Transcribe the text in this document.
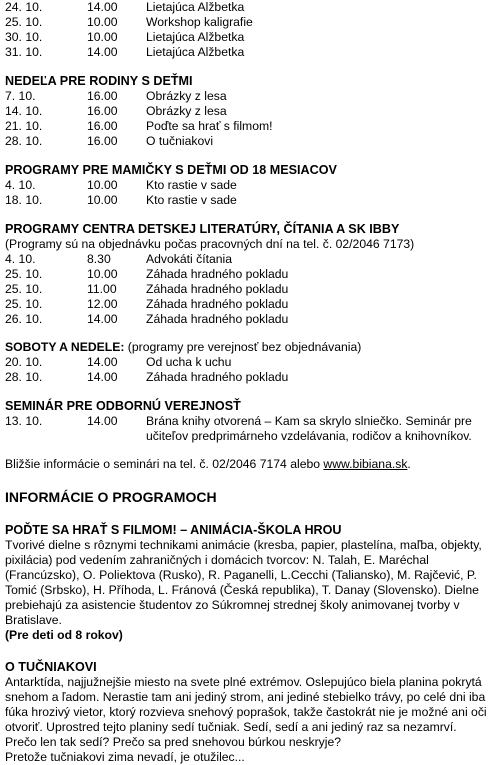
24. 10.	14.00 Lietajúca Alžbetka
25. 10.	10.00 Workshop kaligrafie
30. 10.	10.00 Lietajúca Alžbetka
31. 10.	14.00 Lietajúca Alžbetka
NEDEĽA PRE RODINY S DEŤMI
7. 10.	16.00 Obrázky z lesa
14. 10.	16.00 Obrázky z lesa
21. 10.	16.00 Poďte sa hrať s filmom!
28. 10.	16.00 O tučniakovi
PROGRAMY PRE MAMIČKY S DEŤMI OD 18 MESIACOV
4. 10.	10.00 Kto rastie v sade
18. 10.	10.00 Kto rastie v sade
PROGRAMY CENTRA DETSKEJ LITERATÚRY, ČÍTANIA A SK IBBY
(Programy sú na objednávku počas pracovných dní na tel. č. 02/2046 7173)
4. 10.	8.30	Advokáti čítania
25. 10.	10.00 Záhada hradného pokladu
25. 10.	11.00 Záhada hradného pokladu
25. 10.	12.00 Záhada hradného pokladu
26. 10.	14.00 Záhada hradného pokladu
SOBOTY A NEDELE: (programy pre verejnosť bez objednávania)
20. 10.	14.00 Od ucha k uchu
28. 10.	14.00 Záhada hradného pokladu
SEMINÁR PRE ODBORNÚ VEREJNOSŤ
13. 10.	14.00 Brána knihy otvorená – Kam sa skrylo slniečko. Seminár pre učiteľov predprimárneho vzdelávania, rodičov a knihovníkov.
Bližšie informácie o seminári na tel. č. 02/2046 7174 alebo www.bibiana.sk.
INFORMÁCIE O PROGRAMOCH
POĎTE SA HRAŤ S FILMOM! – ANIMÁCIA-ŠKOLA HROU
Tvorivé dielne s rôznymi technikami animácie (kresba, papier, plastelína, maľba, objekty, pixilácia) pod vedením zahraničných i domácich tvorcov: N. Talah, E. Maréchal (Francúzsko), O. Poliektova (Rusko), R. Paganelli, L.Cecchi (Taliansko), M. Rajčević, P. Tomić (Srbsko), H. Příhoda, L. Fránová (Česká republika), T. Danay (Slovensko). Dielne prebiehajú za asistencie študentov zo Súkromnej strednej školy animovanej tvorby v Bratislave.
(Pre deti od 8 rokov)
O TUČNIAKOVI
Antarktída, najjužnejšie miesto na svete plné extrémov. Oslepujúco biela planina pokrytá snehom a ľadom. Nerastie tam ani jediný strom, ani jediné stebielko trávy, po celé dni iba fúka hrozivý vietor, ktorý rozvieva snehový poprašok, takže častokrát nie je možné ani oči otvoriť. Uprostred tejto planiny sedí tučniak. Sedí, sedí a ani jediný raz sa nezamrví. Prečo len tak sedí? Prečo sa pred snehovou búrkou neskryje?
Pretože tučniakovi zima nevadí, je otužilec...
